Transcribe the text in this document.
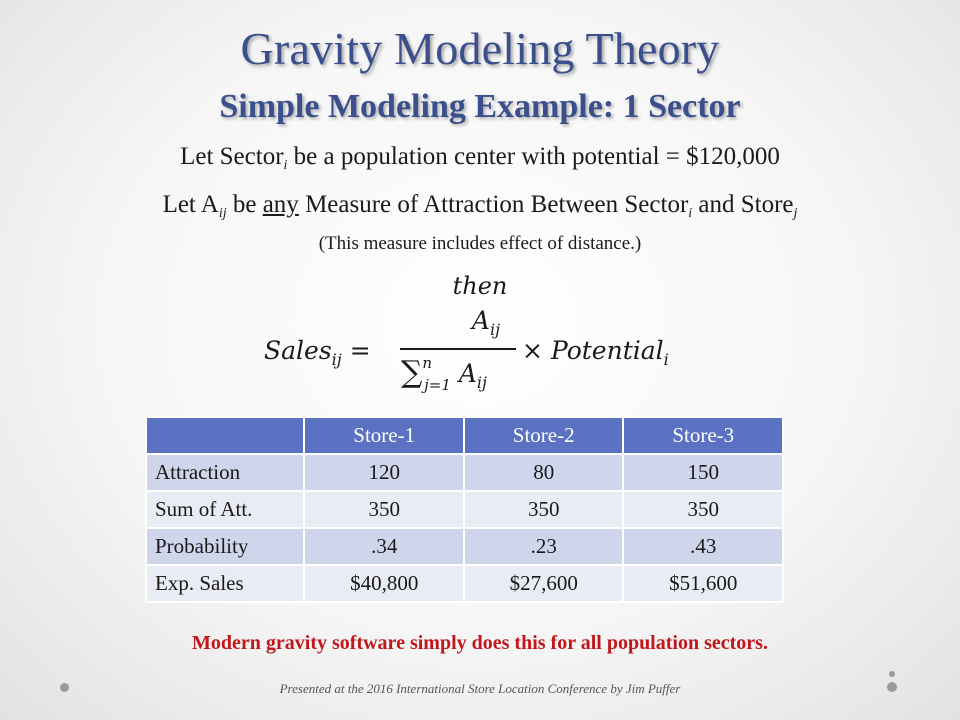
Gravity Modeling Theory
Simple Modeling Example: 1 Sector
Let Sector$_i$ be a population center with potential = $120,000
Let $A_{ij}$ be any Measure of Attraction Between Sector$_i$ and Store$_j$
(This measure includes effect of distance.)
then
Sales$_{ij}$ =
$A_{ij}$
∑$^n_{j=1}$ $A_{ij}$
× Potential$_i$
	Store-1	Store-2	Store-3
Attraction	120	80	150
Sum of Att.	350	350	350
Probability	.34	.23	.43
Exp. Sales	$40,800	$27,600	$51,600
Modern gravity software simply does this for all population sectors.
Presented at the 2016 International Store Location Conference by Jim Puffer
